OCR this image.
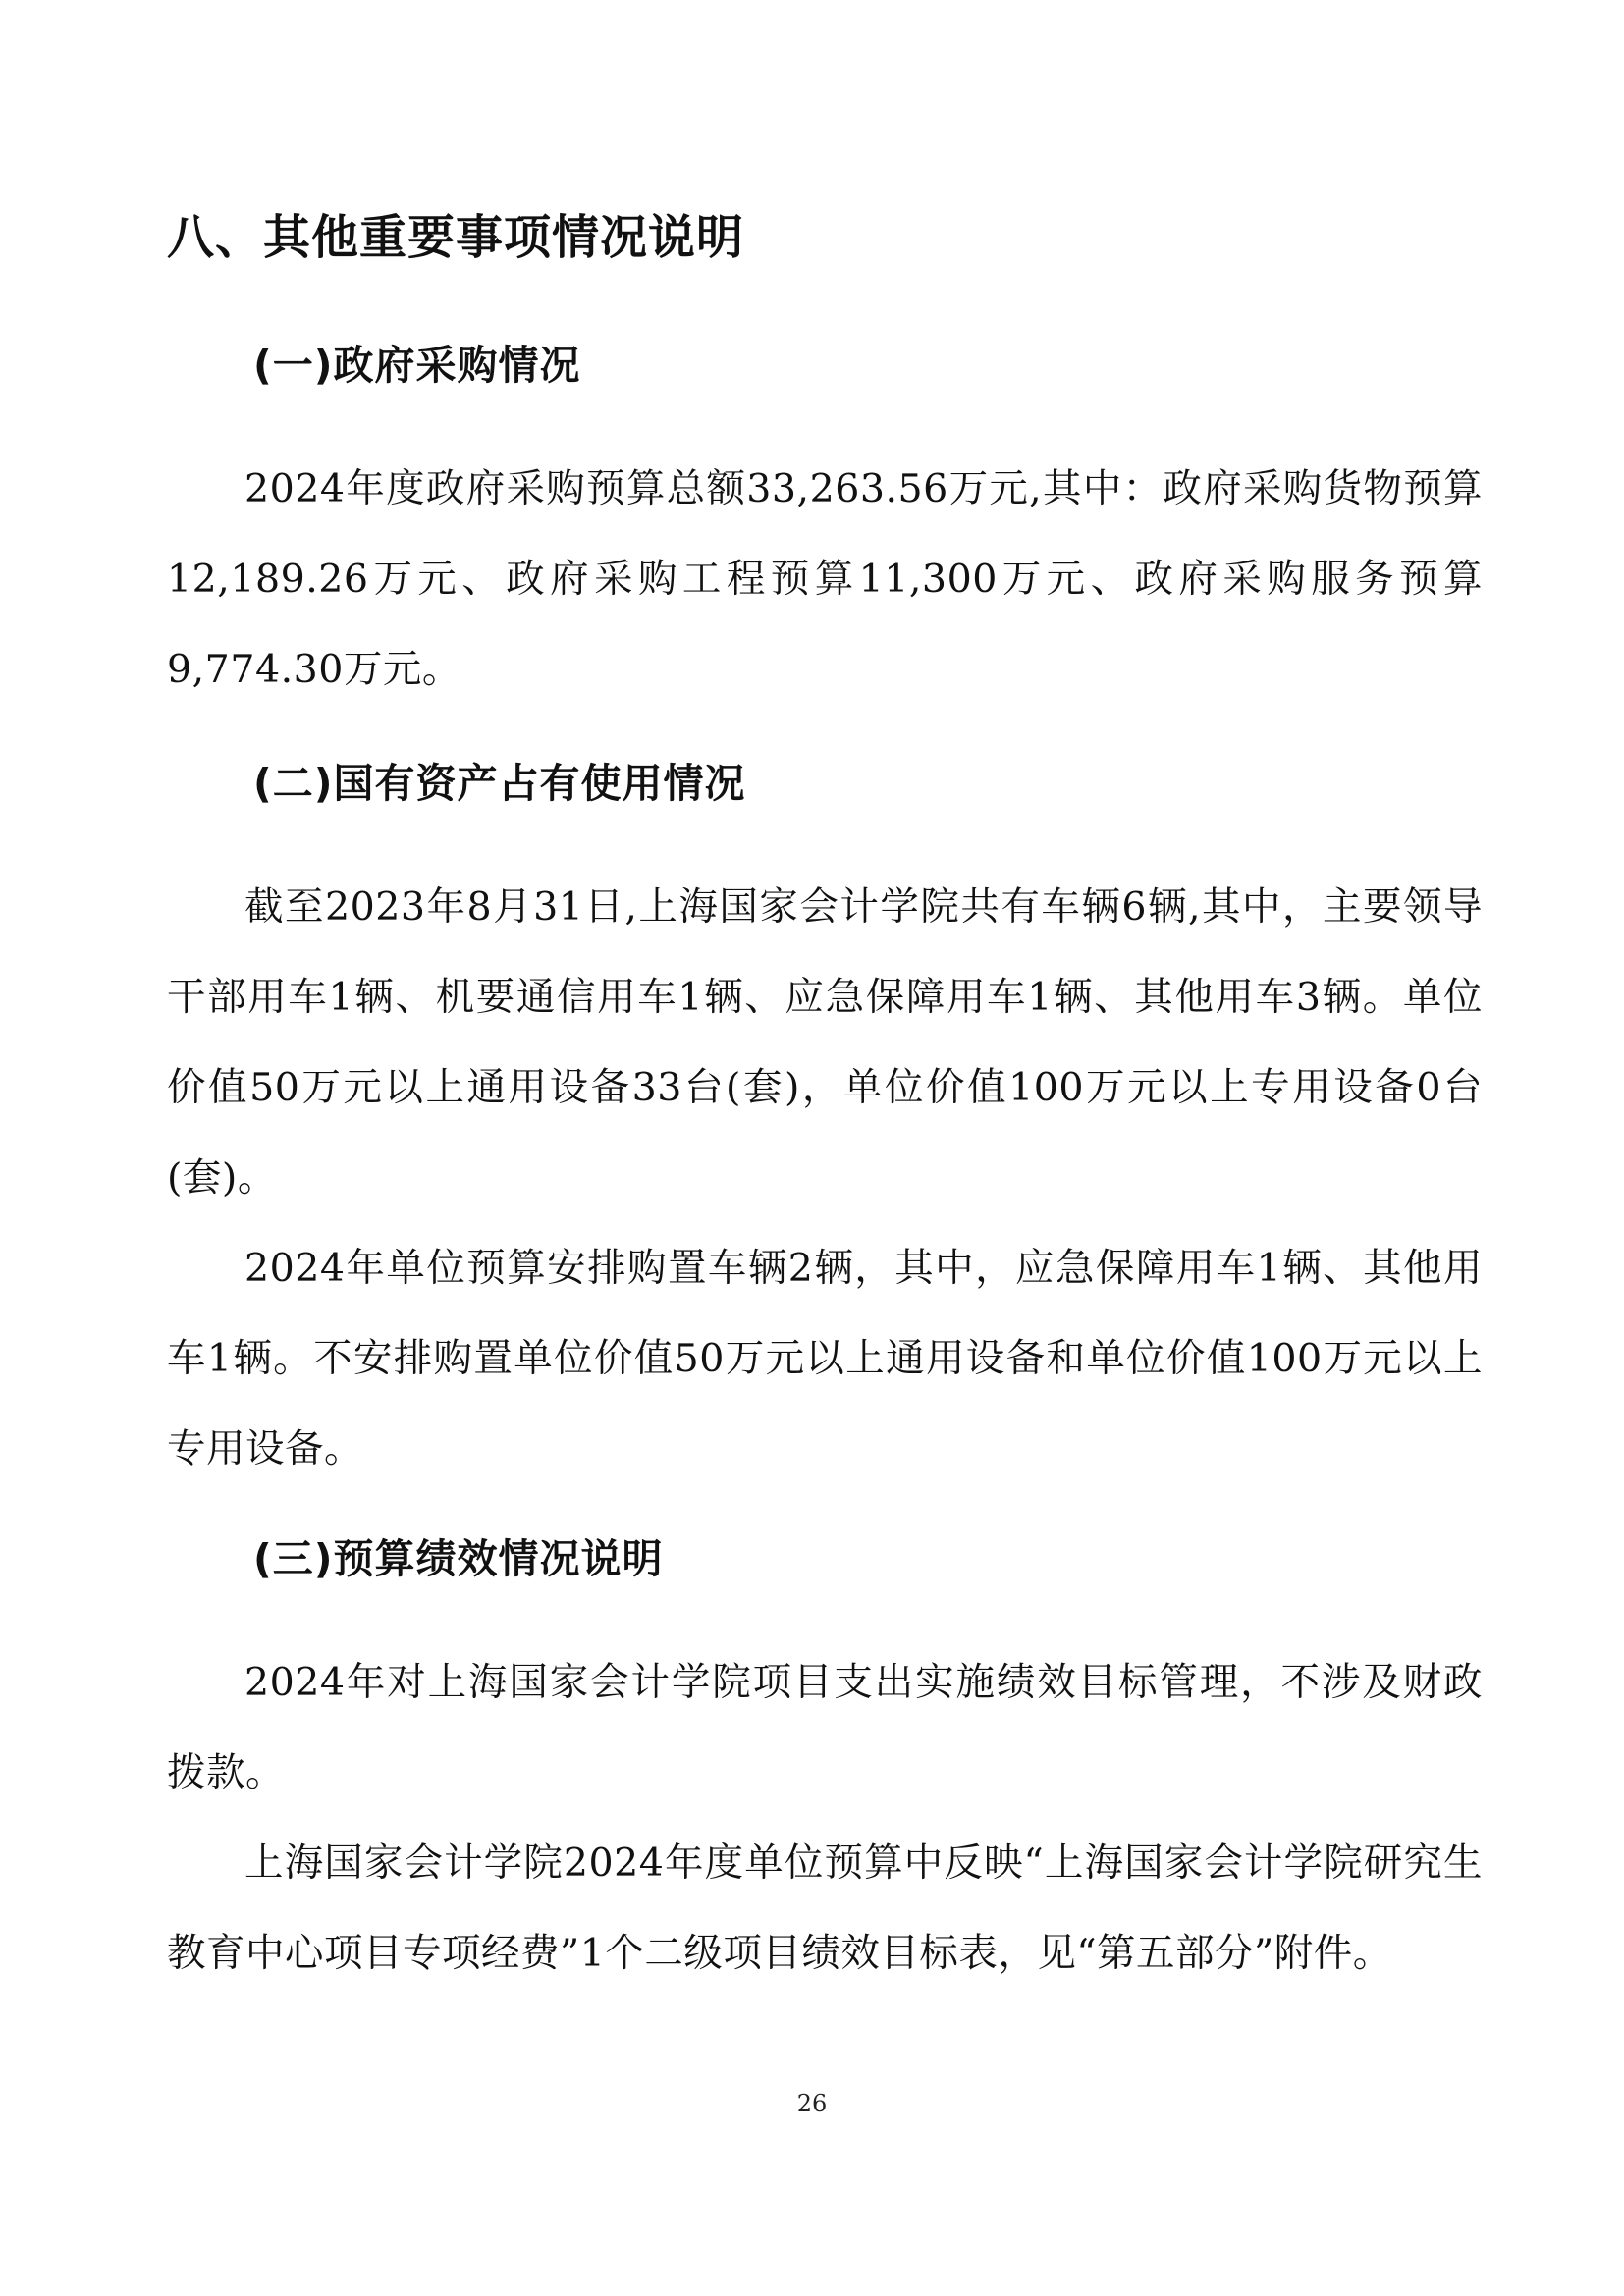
八、其他重要事项情况说明
(一)政府采购情况
2024年度政府采购预算总额33,263.56万元,其中：政府采购货物预算12,189.26万元、政府采购工程预算11,300万元、政府采购服务预算9,774.30万元。
(二)国有资产占有使用情况
截至2023年8月31日,上海国家会计学院共有车辆6辆,其中，主要领导干部用车1辆、机要通信用车1辆、应急保障用车1辆、其他用车3辆。单位价值50万元以上通用设备33台(套)，单位价值100万元以上专用设备0台(套)。
2024年单位预算安排购置车辆2辆，其中，应急保障用车1辆、其他用车1辆。不安排购置单位价值50万元以上通用设备和单位价值100万元以上专用设备。
(三)预算绩效情况说明
2024年对上海国家会计学院项目支出实施绩效目标管理，不涉及财政拨款。
上海国家会计学院2024年度单位预算中反映“上海国家会计学院研究生教育中心项目专项经费”1个二级项目绩效目标表，见“第五部分”附件。
26
